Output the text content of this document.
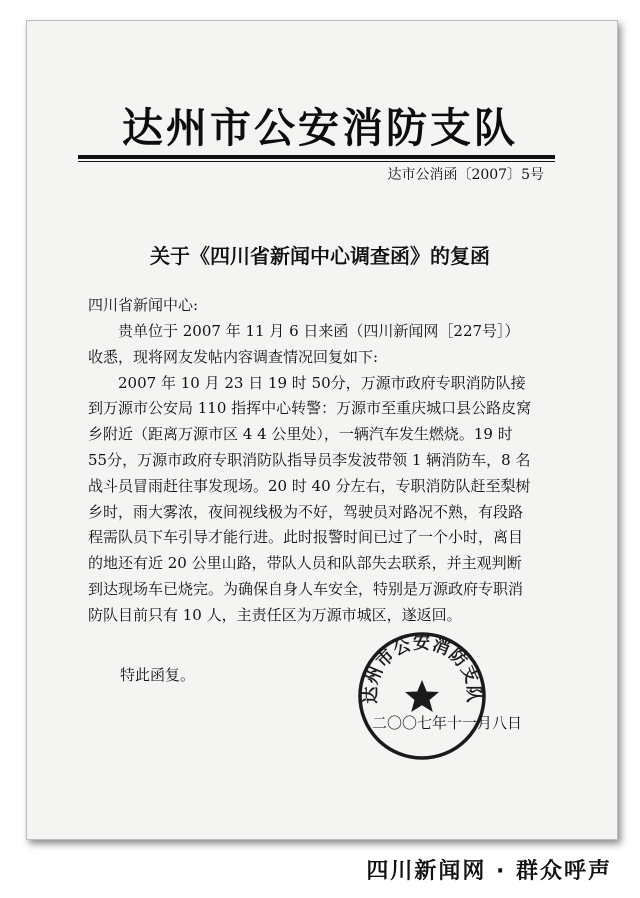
达州市公安消防支队
达市公消函〔2007〕5号
关于《四川省新闻中心调查函》的复函
四川省新闻中心:

贵单位于 2007 年 11 月 6 日来函（四川新闻网［227号］）收悉，现将网友发帖内容调查情况回复如下:

2007 年 10 月 23 日 19 时 50分，万源市政府专职消防队接到万源市公安局 110 指挥中心转警：万源市至重庆城口县公路皮窝乡附近（距离万源市区 4 4 公里处），一辆汽车发生燃烧。19 时 55分，万源市政府专职消防队指导员李发波带领 1 辆消防车，8 名战斗员冒雨赶往事发现场。20 时 40 分左右，专职消防队赶至梨树乡时，雨大雾浓，夜间视线极为不好，驾驶员对路况不熟，有段路程需队员下车引导才能行进。此时报警时间已过了一个小时，离目的地还有近 20 公里山路，带队人员和队部失去联系，并主观判断到达现场车已烧完。为确保自身人车安全，特别是万源政府专职消防队目前只有 10 人，主责任区为万源市城区，遂返回。

特此函复。
达州市公安消防支队
二〇〇七年十一月八日
四川新闻网 · 群众呼声
